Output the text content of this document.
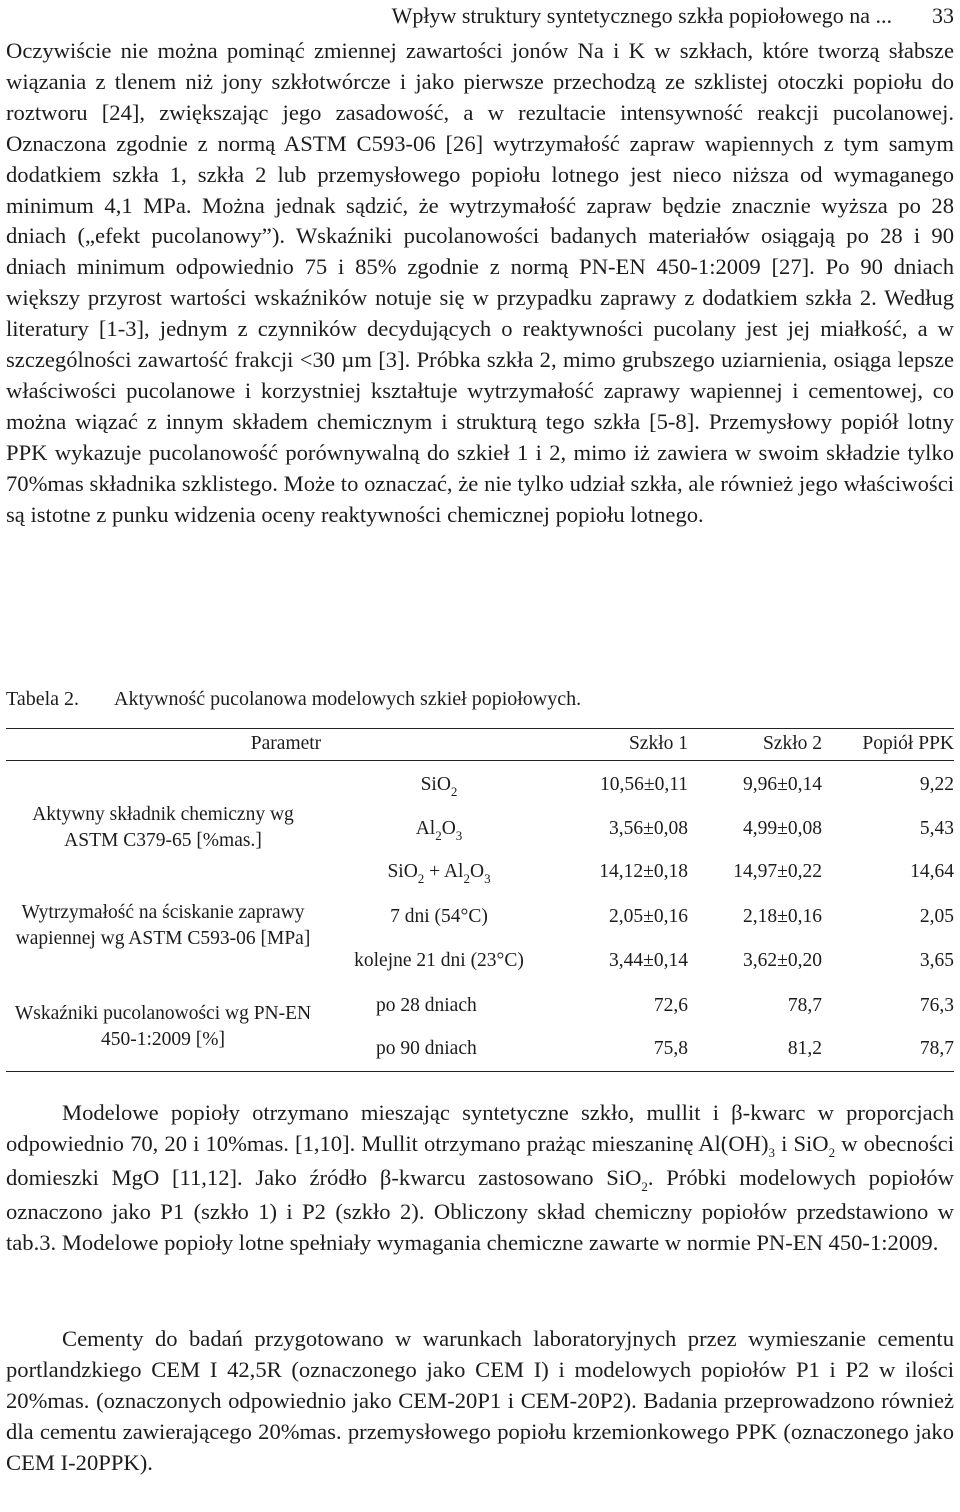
Wpływ struktury syntetycznego szkła popiołowego na ... 33

Oczywiście nie można pominąć zmiennej zawartości jonów Na i K w szkłach, które tworzą słabsze wiązania z tlenem niż jony szkłotwórcze i jako pierwsze przechodzą ze szklistej otoczki popiołu do roztworu [24], zwiększając jego zasadowość, a w rezultacie intensywność reakcji pucolanowej. Oznaczona zgodnie z normą ASTM C593-06 [26] wytrzymałość zapraw wapiennych z tym samym dodatkiem szkła 1, szkła 2 lub przemysłowego popiołu lotnego jest nieco niższa od wymaganego minimum 4,1 MPa. Można jednak sądzić, że wytrzymałość zapraw będzie znacznie wyższa po 28 dniach („efekt pucolanowy”). Wskaźniki pucolanowości badanych materiałów osiągają po 28 i 90 dniach minimum odpowiednio 75 i 85% zgodnie z normą PN-EN 450-1:2009 [27]. Po 90 dniach większy przyrost wartości wskaźników notuje się w przypadku zaprawy z dodatkiem szkła 2. Według literatury [1-3], jednym z czynników decydujących o reaktywności pucolany jest jej miałkość, a w szczególności zawartość frakcji <30 µm [3]. Próbka szkła 2, mimo grubszego uziarnienia, osiąga lepsze właściwości pucolanowe i korzystniej kształtuje wytrzymałość zaprawy wapiennej i cementowej, co można wiązać z innym składem chemicznym i strukturą tego szkła [5-8]. Przemysłowy popiół lotny PPK wykazuje pucolanowość porównywalną do szkieł 1 i 2, mimo iż zawiera w swoim składzie tylko 70%mas składnika szklistego. Może to oznaczać, że nie tylko udział szkła, ale również jego właściwości są istotne z punku widzenia oceny reaktywności chemicznej popiołu lotnego.

Tabela 2. Aktywność pucolanowa modelowych szkieł popiołowych.
Parametr	Szkło 1	Szkło 2	Popiół PPK
Aktywny składnik chemiczny wg ASTM C379-65 [%mas.]
SiO$_2$	10,56±0,11	9,96±0,14	9,22
$Al_2O_3$	3,56±0,08	4,99±0,08	5,43
$SiO_2 + Al_2O_3$	14,12±0,18	14,97±0,22	14,64
Wytrzymałość na ściskanie zaprawy wapiennej wg ASTM C593-06 [MPa]
7 dni (54°C)	2,05±0,16	2,18±0,16	2,05
kolejne 21 dni (23°C)	3,44±0,14	3,62±0,20	3,65
Wskaźniki pucolanowości wg PN-EN 450-1:2009 [%]
po 28 dniach	72,6	78,7	76,3
po 90 dniach	75,8	81,2	78,7

Modelowe popioły otrzymano mieszając syntetyczne szkło, mullit i β-kwarc w proporcjach odpowiednio 70, 20 i 10%mas. [1,10]. Mullit otrzymano prażąc mieszaninę $Al(OH)_3$ i SiO$_2$ w obecności domieszki MgO [11,12]. Jako źródło β-kwarcu zastosowano SiO$_2$. Próbki modelowych popiołów oznaczono jako P1 (szkło 1) i P2 (szkło 2). Obliczony skład chemiczny popiołów przedstawiono w tab.3. Modelowe popioły lotne spełniały wymagania chemiczne zawarte w normie PN-EN 450-1:2009.

Cementy do badań przygotowano w warunkach laboratoryjnych przez wymieszanie cementu portlandzkiego CEM I 42,5R (oznaczonego jako CEM I) i modelowych popiołów P1 i P2 w ilości 20%mas. (oznaczonych odpowiednio jako CEM-20P1 i CEM-20P2). Badania przeprowadzono również dla cementu zawierającego 20%mas. przemysłowego popiołu krzemionkowego PPK (oznaczonego jako CEM I-20PPK).
